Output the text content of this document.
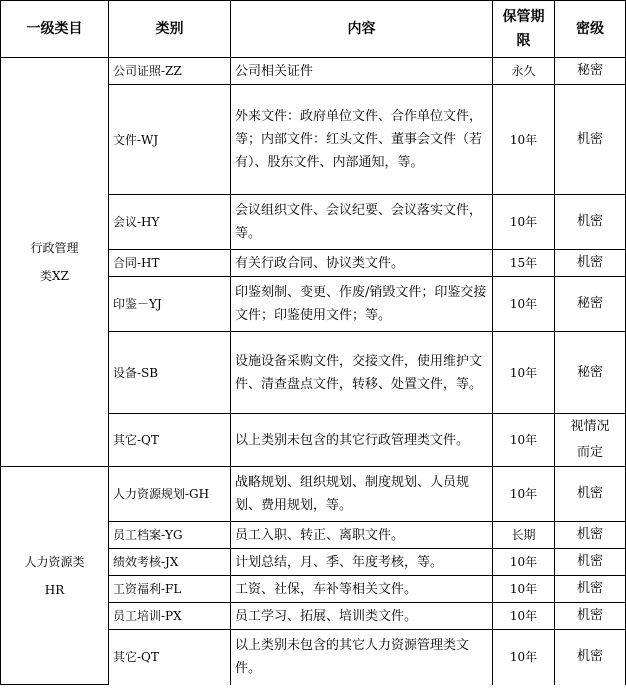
一级类目	类别	内容	保管期限	密级
行政管理类XZ	公司证照-ZZ	公司相关证件	永久	秘密
	文件-WJ	外来文件：政府单位文件、合作单位文件，等；内部文件：红头文件、董事会文件（若有）、股东文件、内部通知，等。	10年	机密
	会议-HY	会议组织文件、会议纪要、会议落实文件，等。	10年	机密
	合同-HT	有关行政合同、协议类文件。	15年	机密
	印鉴－YJ	印鉴刻制、变更、作废/销毁文件；印鉴交接文件；印鉴使用文件；等。	10年	秘密
	设备-SB	设施设备采购文件，交接文件，使用维护文件、清查盘点文件，转移、处置文件，等。	10年	秘密
	其它-QT	以上类别未包含的其它行政管理类文件。	10年	视情况而定
人力资源类HR	人力资源规划-GH	战略规划、组织规划、制度规划、人员规划、费用规划，等。	10年	机密
	员工档案-YG	员工入职、转正、离职文件。	长期	机密
	绩效考核-JX	计划总结，月、季、年度考核，等。	10年	机密
	工资福利-FL	工资、社保，车补等相关文件。	10年	机密
	员工培训-PX	员工学习、拓展、培训类文件。	10年	机密
	其它-QT	以上类别未包含的其它人力资源管理类文件。	10年	机密
